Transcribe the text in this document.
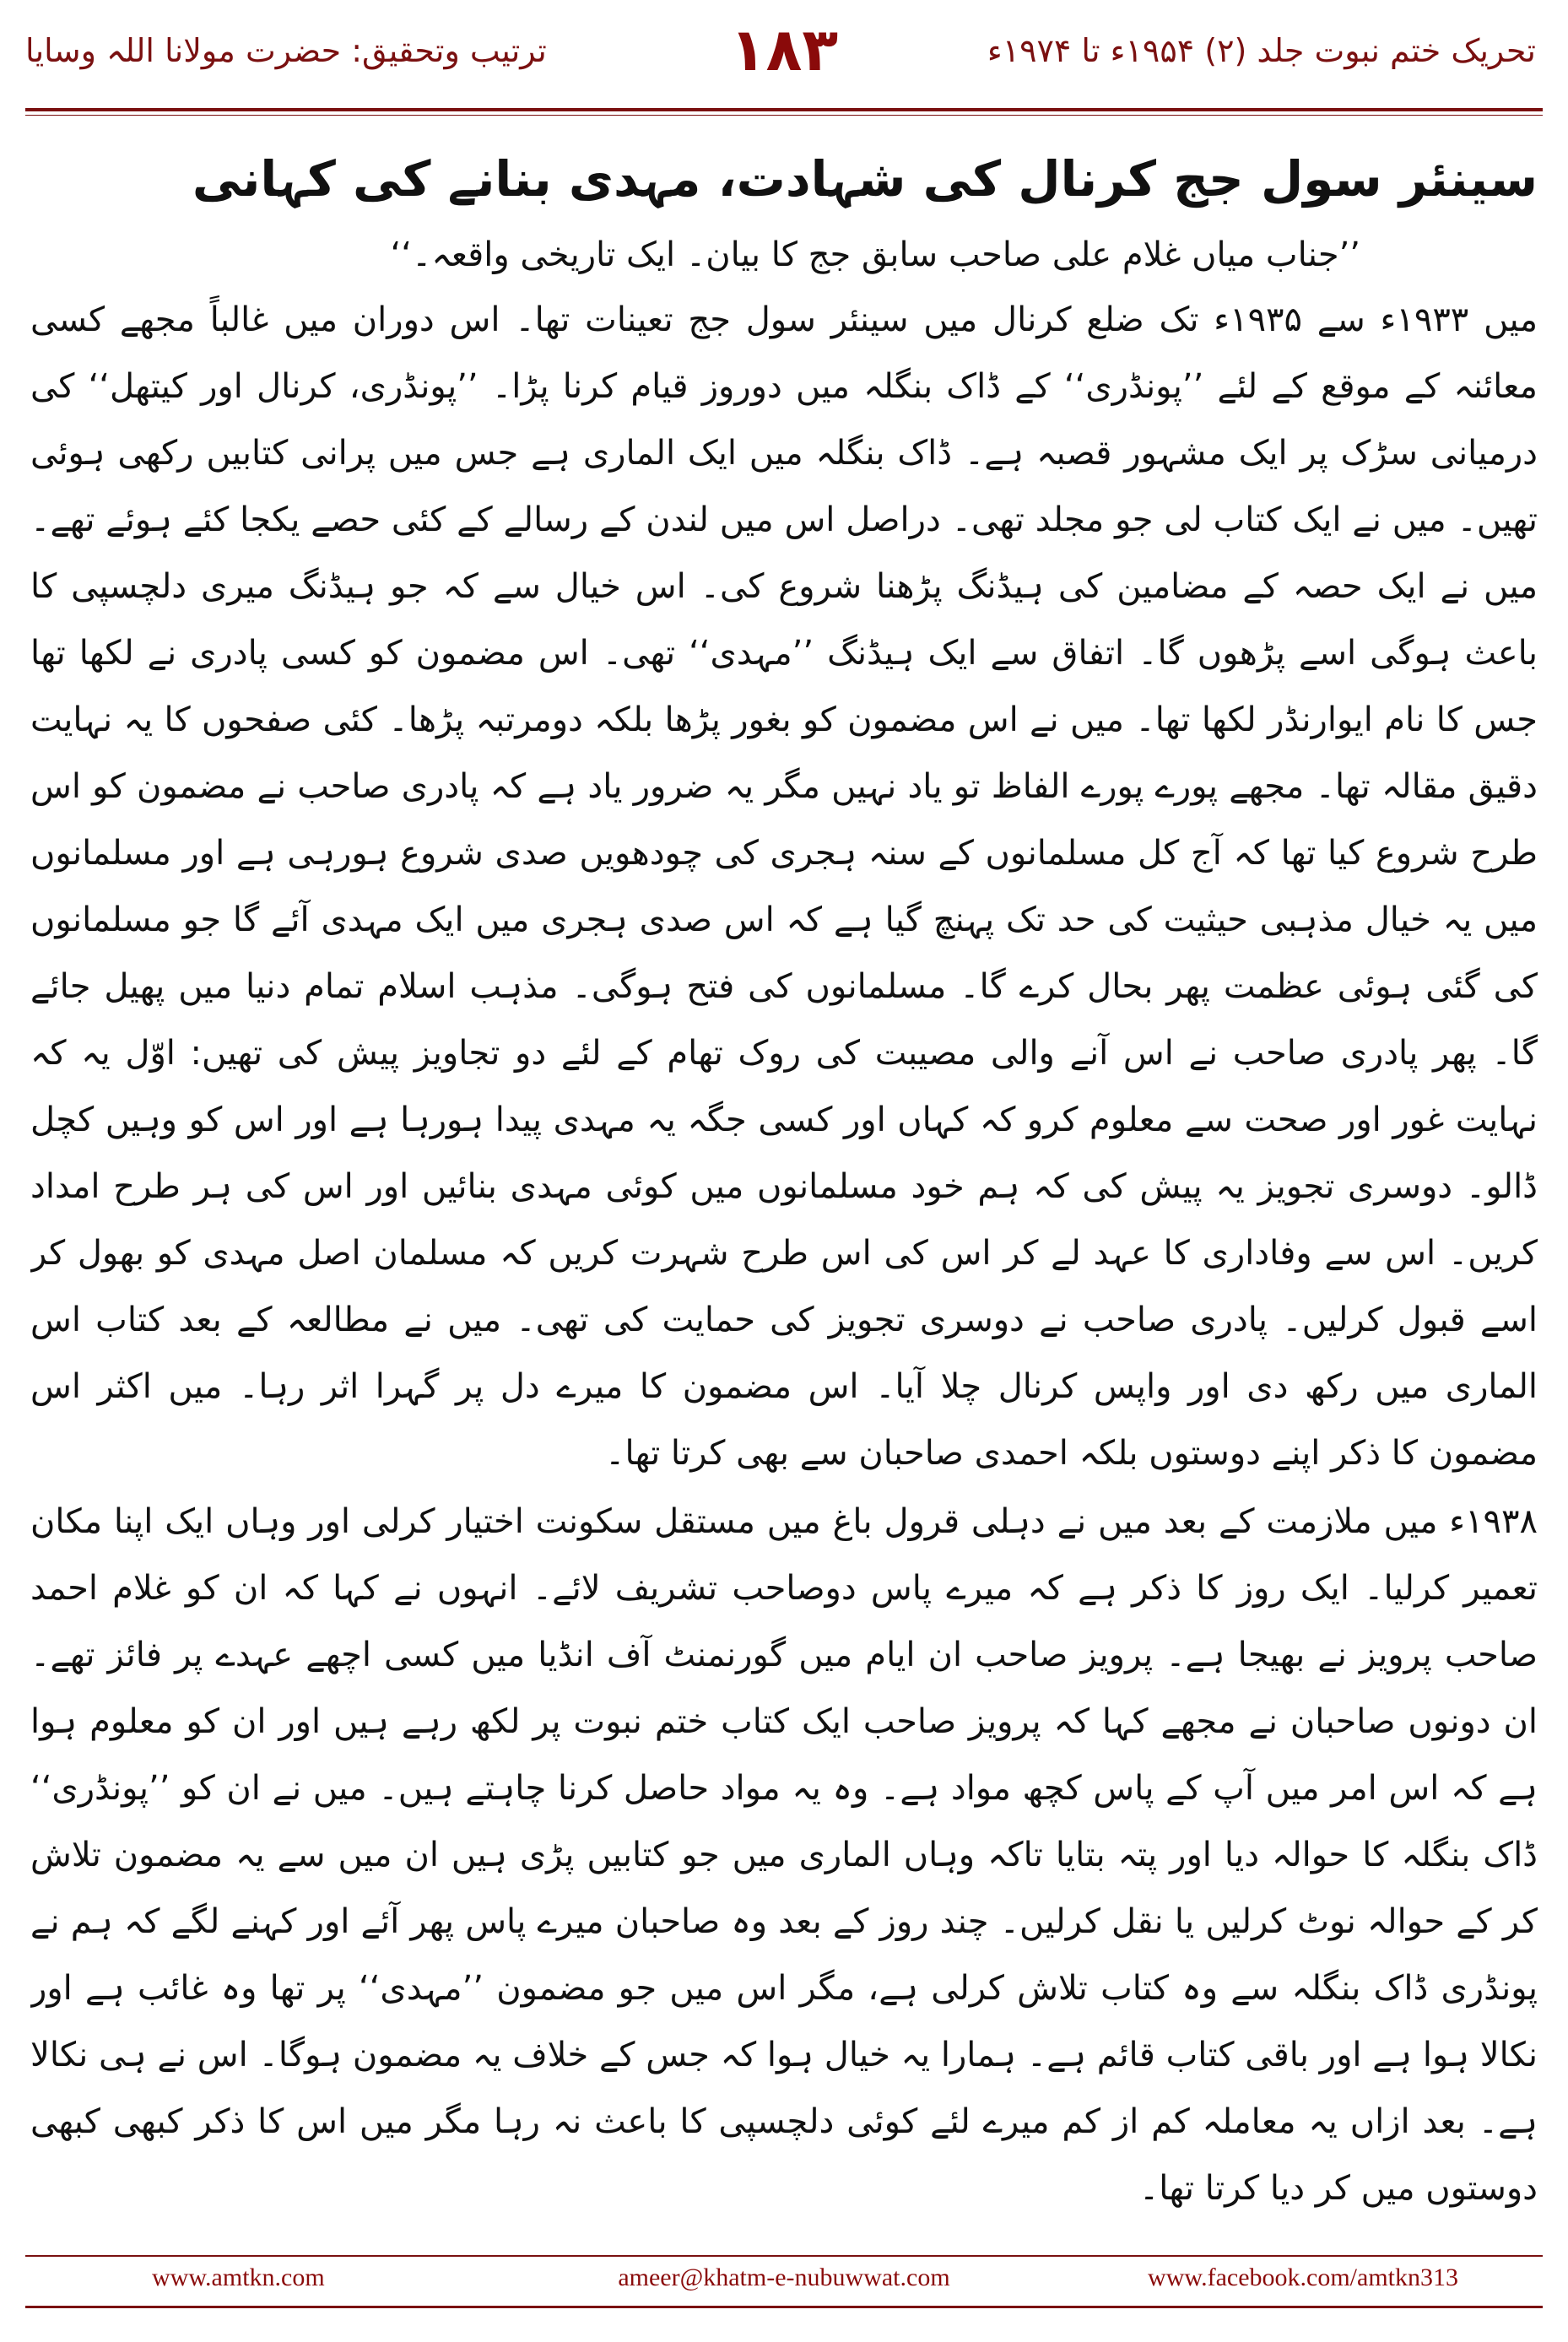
تحریک ختم نبوت جلد (۲) ۱۹۵۴ء تا ۱۹۷۴ء
۱۸۳
ترتیب وتحقیق: حضرت مولانا اللہ وسایا
سینئر سول جج کرنال کی شہادت، مہدی بنانے کی کہانی

’’جناب میاں غلام علی صاحب سابق جج کا بیان۔ ایک تاریخی واقعہ۔‘‘

میں ۱۹۳۳ء سے ۱۹۳۵ء تک ضلع کرنال میں سینئر سول جج تعینات تھا۔ اس دوران میں غالباً مجھے کسی معائنہ کے موقع کے لئے ’’پونڈری‘‘ کے ڈاک بنگلہ میں دوروز قیام کرنا پڑا۔ ’’پونڈری، کرنال اور کیتھل‘‘ کی درمیانی سڑک پر ایک مشہور قصبہ ہے۔ ڈاک بنگلہ میں ایک الماری ہے جس میں پرانی کتابیں رکھی ہوئی تھیں۔ میں نے ایک کتاب لی جو مجلد تھی۔ دراصل اس میں لندن کے رسالے کے کئی حصے یکجا کئے ہوئے تھے۔ میں نے ایک حصہ کے مضامین کی ہیڈنگ پڑھنا شروع کی۔ اس خیال سے کہ جو ہیڈنگ میری دلچسپی کا باعث ہوگی اسے پڑھوں گا۔ اتفاق سے ایک ہیڈنگ ’’مہدی‘‘ تھی۔ اس مضمون کو کسی پادری نے لکھا تھا جس کا نام ایوارنڈر لکھا تھا۔ میں نے اس مضمون کو بغور پڑھا بلکہ دومرتبہ پڑھا۔ کئی صفحوں کا یہ نہایت دقیق مقالہ تھا۔ مجھے پورے پورے الفاظ تو یاد نہیں مگر یہ ضرور یاد ہے کہ پادری صاحب نے مضمون کو اس طرح شروع کیا تھا کہ آج کل مسلمانوں کے سنہ ہجری کی چودھویں صدی شروع ہورہی ہے اور مسلمانوں میں یہ خیال مذہبی حیثیت کی حد تک پہنچ گیا ہے کہ اس صدی ہجری میں ایک مہدی آئے گا جو مسلمانوں کی گئی ہوئی عظمت پھر بحال کرے گا۔ مسلمانوں کی فتح ہوگی۔ مذہب اسلام تمام دنیا میں پھیل جائے گا۔ پھر پادری صاحب نے اس آنے والی مصیبت کی روک تھام کے لئے دو تجاویز پیش کی تھیں: اوّل یہ کہ نہایت غور اور صحت سے معلوم کرو کہ کہاں اور کسی جگہ یہ مہدی پیدا ہورہا ہے اور اس کو وہیں کچل ڈالو۔ دوسری تجویز یہ پیش کی کہ ہم خود مسلمانوں میں کوئی مہدی بنائیں اور اس کی ہر طرح امداد کریں۔ اس سے وفاداری کا عہد لے کر اس کی اس طرح شہرت کریں کہ مسلمان اصل مہدی کو بھول کر اسے قبول کرلیں۔ پادری صاحب نے دوسری تجویز کی حمایت کی تھی۔ میں نے مطالعہ کے بعد کتاب اس الماری میں رکھ دی اور واپس کرنال چلا آیا۔ اس مضمون کا میرے دل پر گہرا اثر رہا۔ میں اکثر اس مضمون کا ذکر اپنے دوستوں بلکہ احمدی صاحبان سے بھی کرتا تھا۔

۱۹۳۸ء میں ملازمت کے بعد میں نے دہلی قرول باغ میں مستقل سکونت اختیار کرلی اور وہاں ایک اپنا مکان تعمیر کرلیا۔ ایک روز کا ذکر ہے کہ میرے پاس دوصاحب تشریف لائے۔ انہوں نے کہا کہ ان کو غلام احمد صاحب پرویز نے بھیجا ہے۔ پرویز صاحب ان ایام میں گورنمنٹ آف انڈیا میں کسی اچھے عہدے پر فائز تھے۔ ان دونوں صاحبان نے مجھے کہا کہ پرویز صاحب ایک کتاب ختم نبوت پر لکھ رہے ہیں اور ان کو معلوم ہوا ہے کہ اس امر میں آپ کے پاس کچھ مواد ہے۔ وہ یہ مواد حاصل کرنا چاہتے ہیں۔ میں نے ان کو ’’پونڈری‘‘ ڈاک بنگلہ کا حوالہ دیا اور پتہ بتایا تاکہ وہاں الماری میں جو کتابیں پڑی ہیں ان میں سے یہ مضمون تلاش کر کے حوالہ نوٹ کرلیں یا نقل کرلیں۔ چند روز کے بعد وہ صاحبان میرے پاس پھر آئے اور کہنے لگے کہ ہم نے پونڈری ڈاک بنگلہ سے وہ کتاب تلاش کرلی ہے، مگر اس میں جو مضمون ’’مہدی‘‘ پر تھا وہ غائب ہے اور نکالا ہوا ہے اور باقی کتاب قائم ہے۔ ہمارا یہ خیال ہوا کہ جس کے خلاف یہ مضمون ہوگا۔ اس نے ہی نکالا ہے۔ بعد ازاں یہ معاملہ کم از کم میرے لئے کوئی دلچسپی کا باعث نہ رہا مگر میں اس کا ذکر کبھی کبھی دوستوں میں کر دیا کرتا تھا۔

www.amtkn.com	ameer@khatm-e-nubuwwat.com	www.facebook.com/amtkn313
